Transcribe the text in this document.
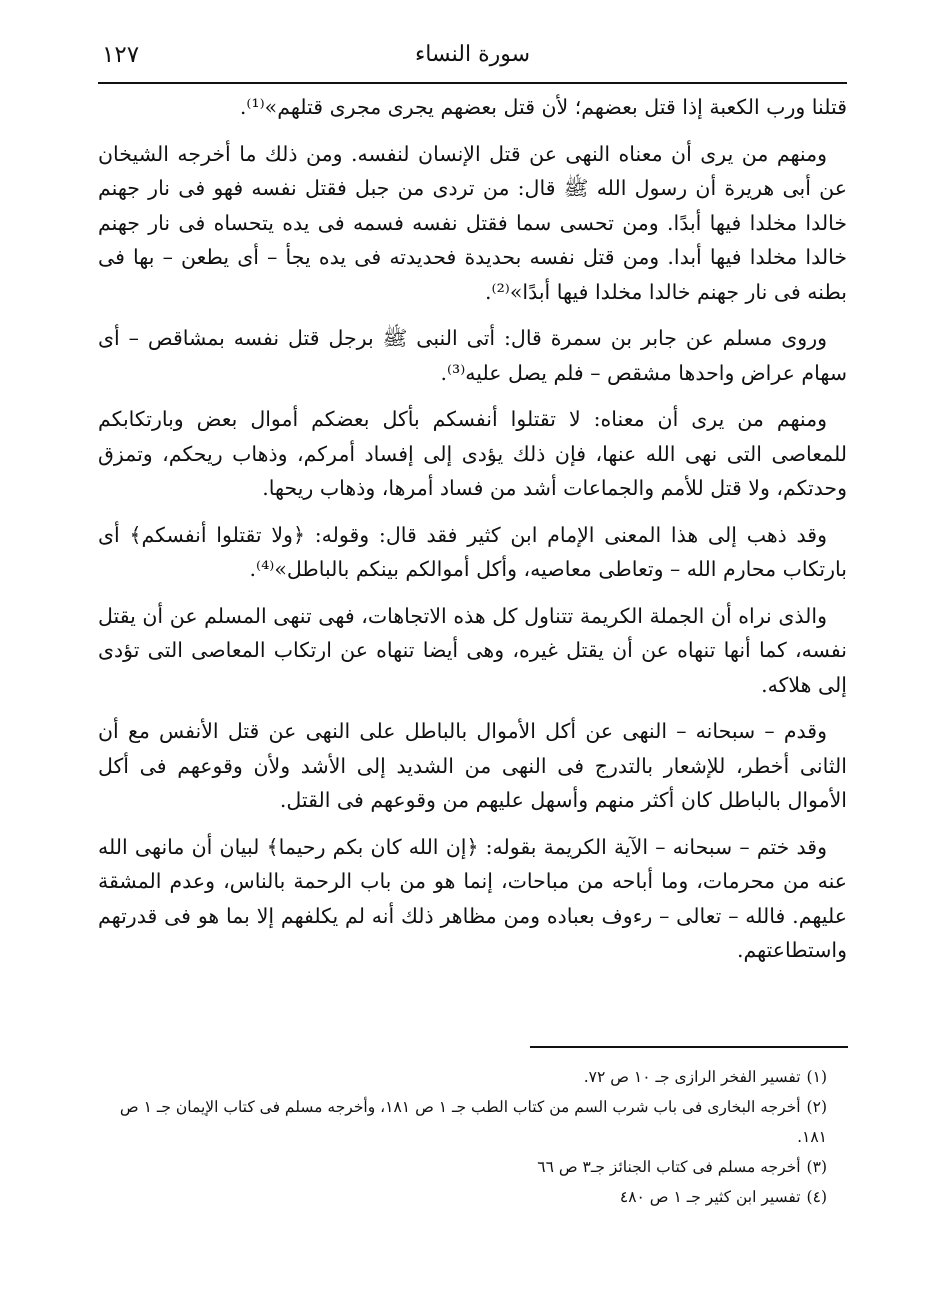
١٢٧	سورة النساء

قتلنا ورب الكعبة إذا قتل بعضهم؛ لأن قتل بعضهم يجرى مجرى قتلهم»⁽¹⁾.

ومنهم من يرى أن معناه النهى عن قتل الإنسان لنفسه. ومن ذلك ما أخرجه الشيخان عن أبى هريرة أن رسول الله ﷺ قال: من تردى من جبل فقتل نفسه فهو فى نار جهنم خالدا مخلدا فيها أبدًا. ومن تحسى سما فقتل نفسه فسمه فى يده يتحساه فى نار جهنم خالدا مخلدا فيها أبدا. ومن قتل نفسه بحديدة فحديدته فى يده يجأ – أى يطعن – بها فى بطنه فى نار جهنم خالدا مخلدا فيها أبدًا»⁽²⁾.

وروى مسلم عن جابر بن سمرة قال: أتى النبى ﷺ برجل قتل نفسه بمشاقص – أى سهام عراض واحدها مشقص – فلم يصل عليه⁽³⁾.

ومنهم من يرى أن معناه: لا تقتلوا أنفسكم بأكل بعضكم أموال بعض وبارتكابكم للمعاصى التى نهى الله عنها، فإن ذلك يؤدى إلى إفساد أمركم، وذهاب ريحكم، وتمزق وحدتكم، ولا قتل للأمم والجماعات أشد من فساد أمرها، وذهاب ريحها.

وقد ذهب إلى هذا المعنى الإمام ابن كثير فقد قال: وقوله: ﴿ولا تقتلوا أنفسكم﴾ أى بارتكاب محارم الله – وتعاطى معاصيه، وأكل أموالكم بينكم بالباطل»⁽⁴⁾.

والذى نراه أن الجملة الكريمة تتناول كل هذه الاتجاهات، فهى تنهى المسلم عن أن يقتل نفسه، كما أنها تنهاه عن أن يقتل غيره، وهى أيضا تنهاه عن ارتكاب المعاصى التى تؤدى إلى هلاكه.

وقدم – سبحانه – النهى عن أكل الأموال بالباطل على النهى عن قتل الأنفس مع أن الثانى أخطر، للإشعار بالتدرج فى النهى من الشديد إلى الأشد ولأن وقوعهم فى أكل الأموال بالباطل كان أكثر منهم وأسهل عليهم من وقوعهم فى القتل.

وقد ختم – سبحانه – الآية الكريمة بقوله: ﴿إن الله كان بكم رحيما﴾ لبيان أن مانهى الله عنه من محرمات، وما أباحه من مباحات، إنما هو من باب الرحمة بالناس، وعدم المشقة عليهم. فالله – تعالى – رءوف بعباده ومن مظاهر ذلك أنه لم يكلفهم إلا بما هو فى قدرتهم واستطاعتهم.

(١)تفسير الفخر الرازى جـ ١٠ ص ٧٢.

(٢)أخرجه البخارى فى باب شرب السم من كتاب الطب جـ ١ ص ١٨١، وأخرجه مسلم فى كتاب الإيمان جـ ١ ص ١٨١.

(٣)أخرجه مسلم فى كتاب الجنائز جـ٣ ص ٦٦

(٤)تفسير ابن كثير جـ ١ ص ٤٨٠
